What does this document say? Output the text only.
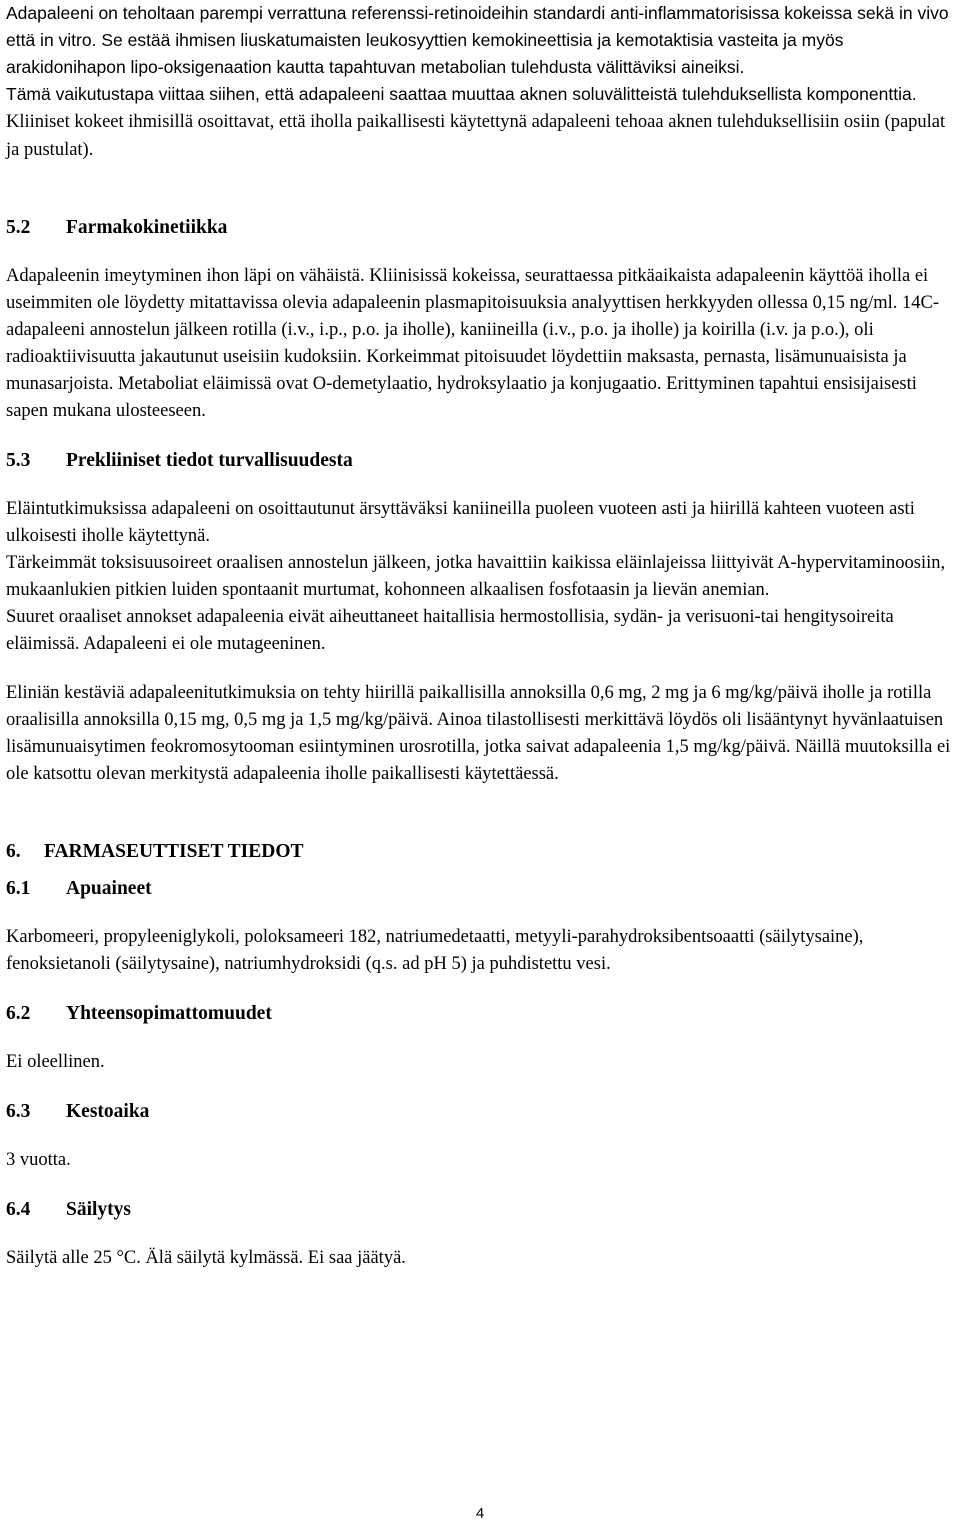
Adapaleeni on teholtaan parempi verrattuna referenssi-retinoideihin standardi anti-inflammatorisissa kokeissa sekä in vivo että in vitro. Se estää ihmisen liuskatumaisten leukosyyttien kemokineettisia ja kemotaktisia vasteita ja myös arakidonihapon lipo-oksigenaation kautta tapahtuvan metabolian tulehdusta välittäviksi aineiksi.

Tämä vaikutustapa viittaa siihen, että adapaleeni saattaa muuttaa aknen soluvälitteistä tulehduksellista komponenttia. Kliiniset kokeet ihmisillä osoittavat, että iholla paikallisesti käytettynä adapaleeni tehoaa aknen tulehduksellisiin osiin (papulat ja pustulat).

5.2	Farmakokinetiikka

Adapaleenin imeytyminen ihon läpi on vähäistä. Kliinisissä kokeissa, seurattaessa pitkäaikaista adapaleenin käyttöä iholla ei useimmiten ole löydetty mitattavissa olevia adapaleenin plasmapitoisuuksia analyyttisen herkkyyden ollessa 0,15 ng/ml. 14C-adapaleeni annostelun jälkeen rotilla (i.v., i.p., p.o. ja iholle), kaniineilla (i.v., p.o. ja iholle) ja koirilla (i.v. ja p.o.), oli radioaktiivisuutta jakautunut useisiin kudoksiin. Korkeimmat pitoisuudet löydettiin maksasta, pernasta, lisämunuaisista ja munasarjoista. Metaboliat eläimissä ovat O-demetylaatio, hydroksylaatio ja konjugaatio. Erittyminen tapahtui ensisijaisesti sapen mukana ulosteeseen.

5.3	Prekliiniset tiedot turvallisuudesta

Eläintutkimuksissa adapaleeni on osoittautunut ärsyttäväksi kaniineilla puoleen vuoteen asti ja hiirillä kahteen vuoteen asti ulkoisesti iholle käytettynä.

Tärkeimmät toksisuusoireet oraalisen annostelun jälkeen, jotka havaittiin kaikissa eläinlajeissa liittyivät A-hypervitaminoosiin, mukaanlukien pitkien luiden spontaanit murtumat, kohonneen alkaalisen fosfotaasin ja lievän anemian.

Suuret oraaliset annokset adapaleenia eivät aiheuttaneet haitallisia hermostollisia, sydän- ja verisuoni-tai hengitysoireita eläimissä. Adapaleeni ei ole mutageeninen.

Eliniän kestäviä adapaleenitutkimuksia on tehty hiirillä paikallisilla annoksilla 0,6 mg, 2 mg ja 6 mg/kg/päivä iholle ja rotilla oraalisilla annoksilla 0,15 mg, 0,5 mg ja 1,5 mg/kg/päivä. Ainoa tilastollisesti merkittävä löydös oli lisääntynyt hyvänlaatuisen lisämunuaisytimen feokromosytooman esiintyminen urosrotilla, jotka saivat adapaleenia 1,5 mg/kg/päivä. Näillä muutoksilla ei ole katsottu olevan merkitystä adapaleenia iholle paikallisesti käytettäessä.

6.	FARMASEUTTISET TIEDOT
6.1	Apuaineet

Karbomeeri, propyleeniglykoli, poloksameeri 182, natriumedetaatti, metyyli-parahydroksibentsoaatti (säilytysaine), fenoksietanoli (säilytysaine), natriumhydroksidi (q.s. ad pH 5) ja puhdistettu vesi.

6.2	Yhteensopimattomuudet

Ei oleellinen.

6.3	Kestoaika

3 vuotta.

6.4	Säilytys

Säilytä alle 25 °C. Älä säilytä kylmässä. Ei saa jäätyä.

4
